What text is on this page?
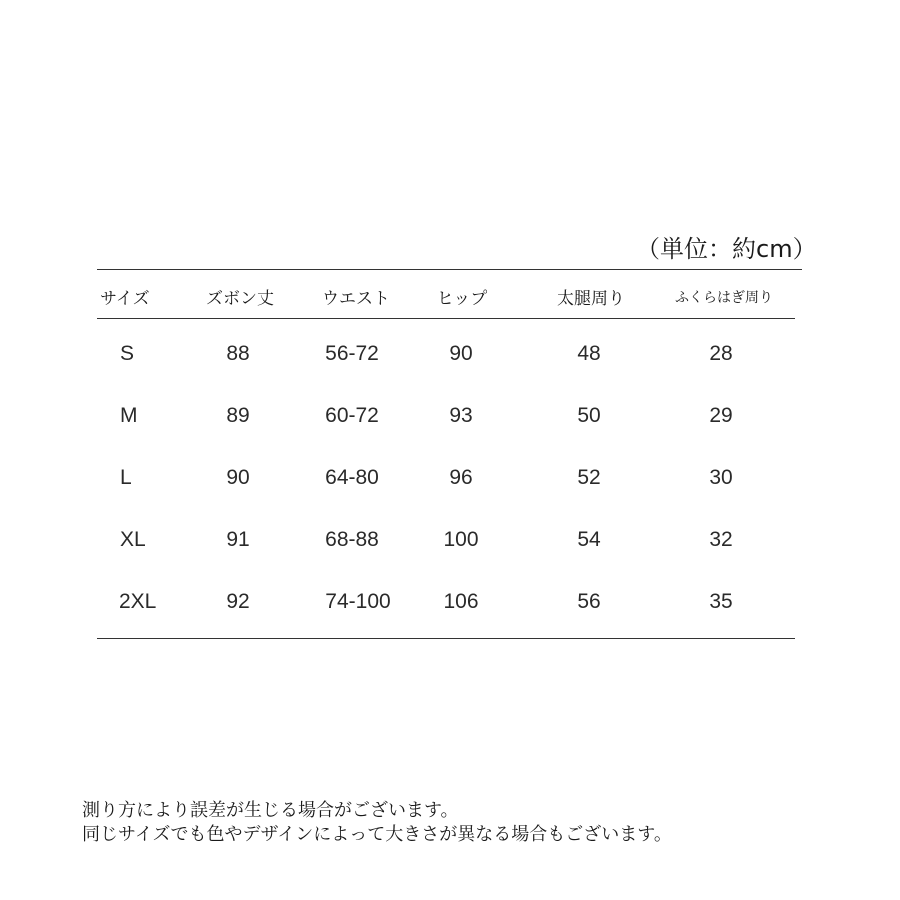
（単位：約cm）
サイズ	ズボン丈	ウエスト	ヒップ	太腿周り	ふくらはぎ周り
S	88	56-72	90	48	28
M	89	60-72	93	50	29
L	90	64-80	96	52	30
XL	91	68-88	100	54	32
2XL	92	74-100	106	56	35
測り方により誤差が生じる場合がございます。
同じサイズでも色やデザインによって大きさが異なる場合もございます。
